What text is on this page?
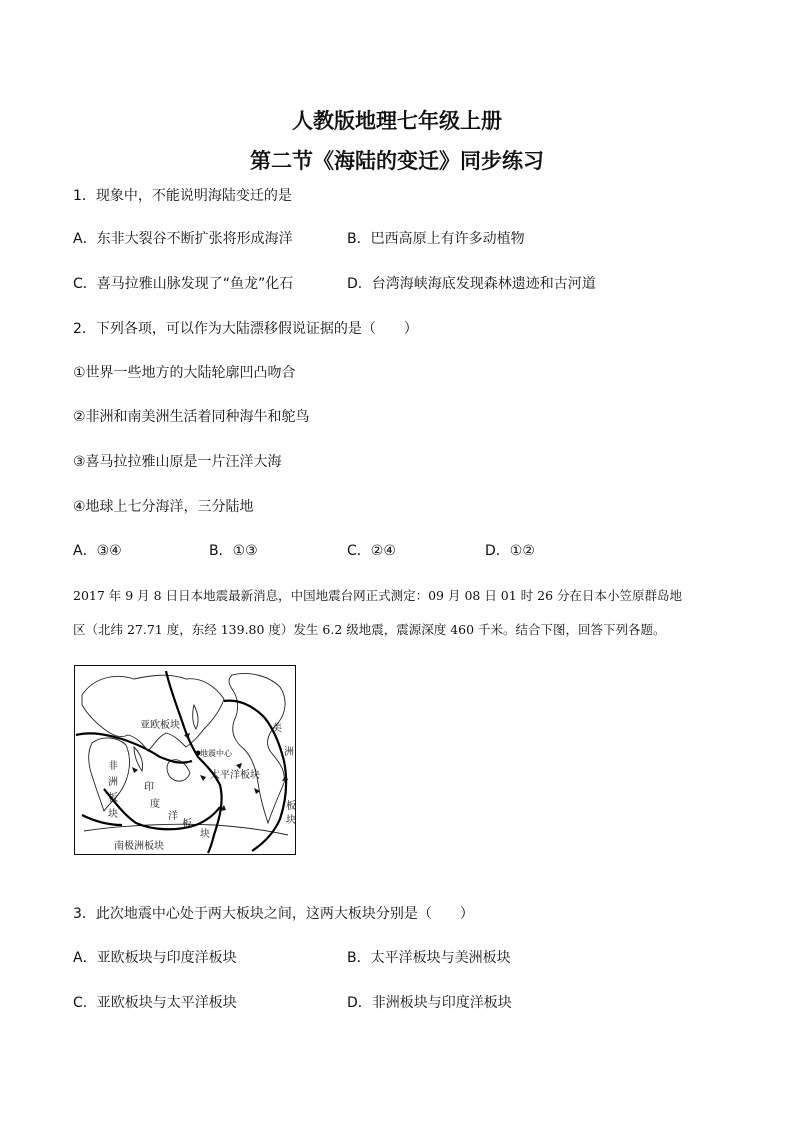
人教版地理七年级上册
第二节《海陆的变迁》同步练习
1．现象中，不能说明海陆变迁的是
A．东非大裂谷不断扩张将形成海洋	B．巴西高原上有许多动植物
C．喜马拉雅山脉发现了“鱼龙”化石	D．台湾海峡海底发现森林遗迹和古河道
2．下列各项，可以作为大陆漂移假说证据的是（　　）
①世界一些地方的大陆轮廓凹凸吻合
②非洲和南美洲生活着同种海牛和鸵鸟
③喜马拉拉雅山原是一片汪洋大海
④地球上七分海洋，三分陆地
A．③④	B．①③	C．②④	D．①②
2017 年 9 月 8 日日本地震最新消息，中国地震台网正式测定：09 月 08 日 01 时 26 分在日本小笠原群岛地
区（北纬 27.71 度，东经 139.80 度）发生 6.2 级地震，震源深度 460 千米。结合下图，回答下列各题。
亚欧板块
地震中心
太平洋板块
非
洲
板
块
印
度
洋
板
块
美
洲
板
块
南极洲板块
3．此次地震中心处于两大板块之间，这两大板块分别是（　　）
A．亚欧板块与印度洋板块	B．太平洋板块与美洲板块
C．亚欧板块与太平洋板块	D．非洲板块与印度洋板块
